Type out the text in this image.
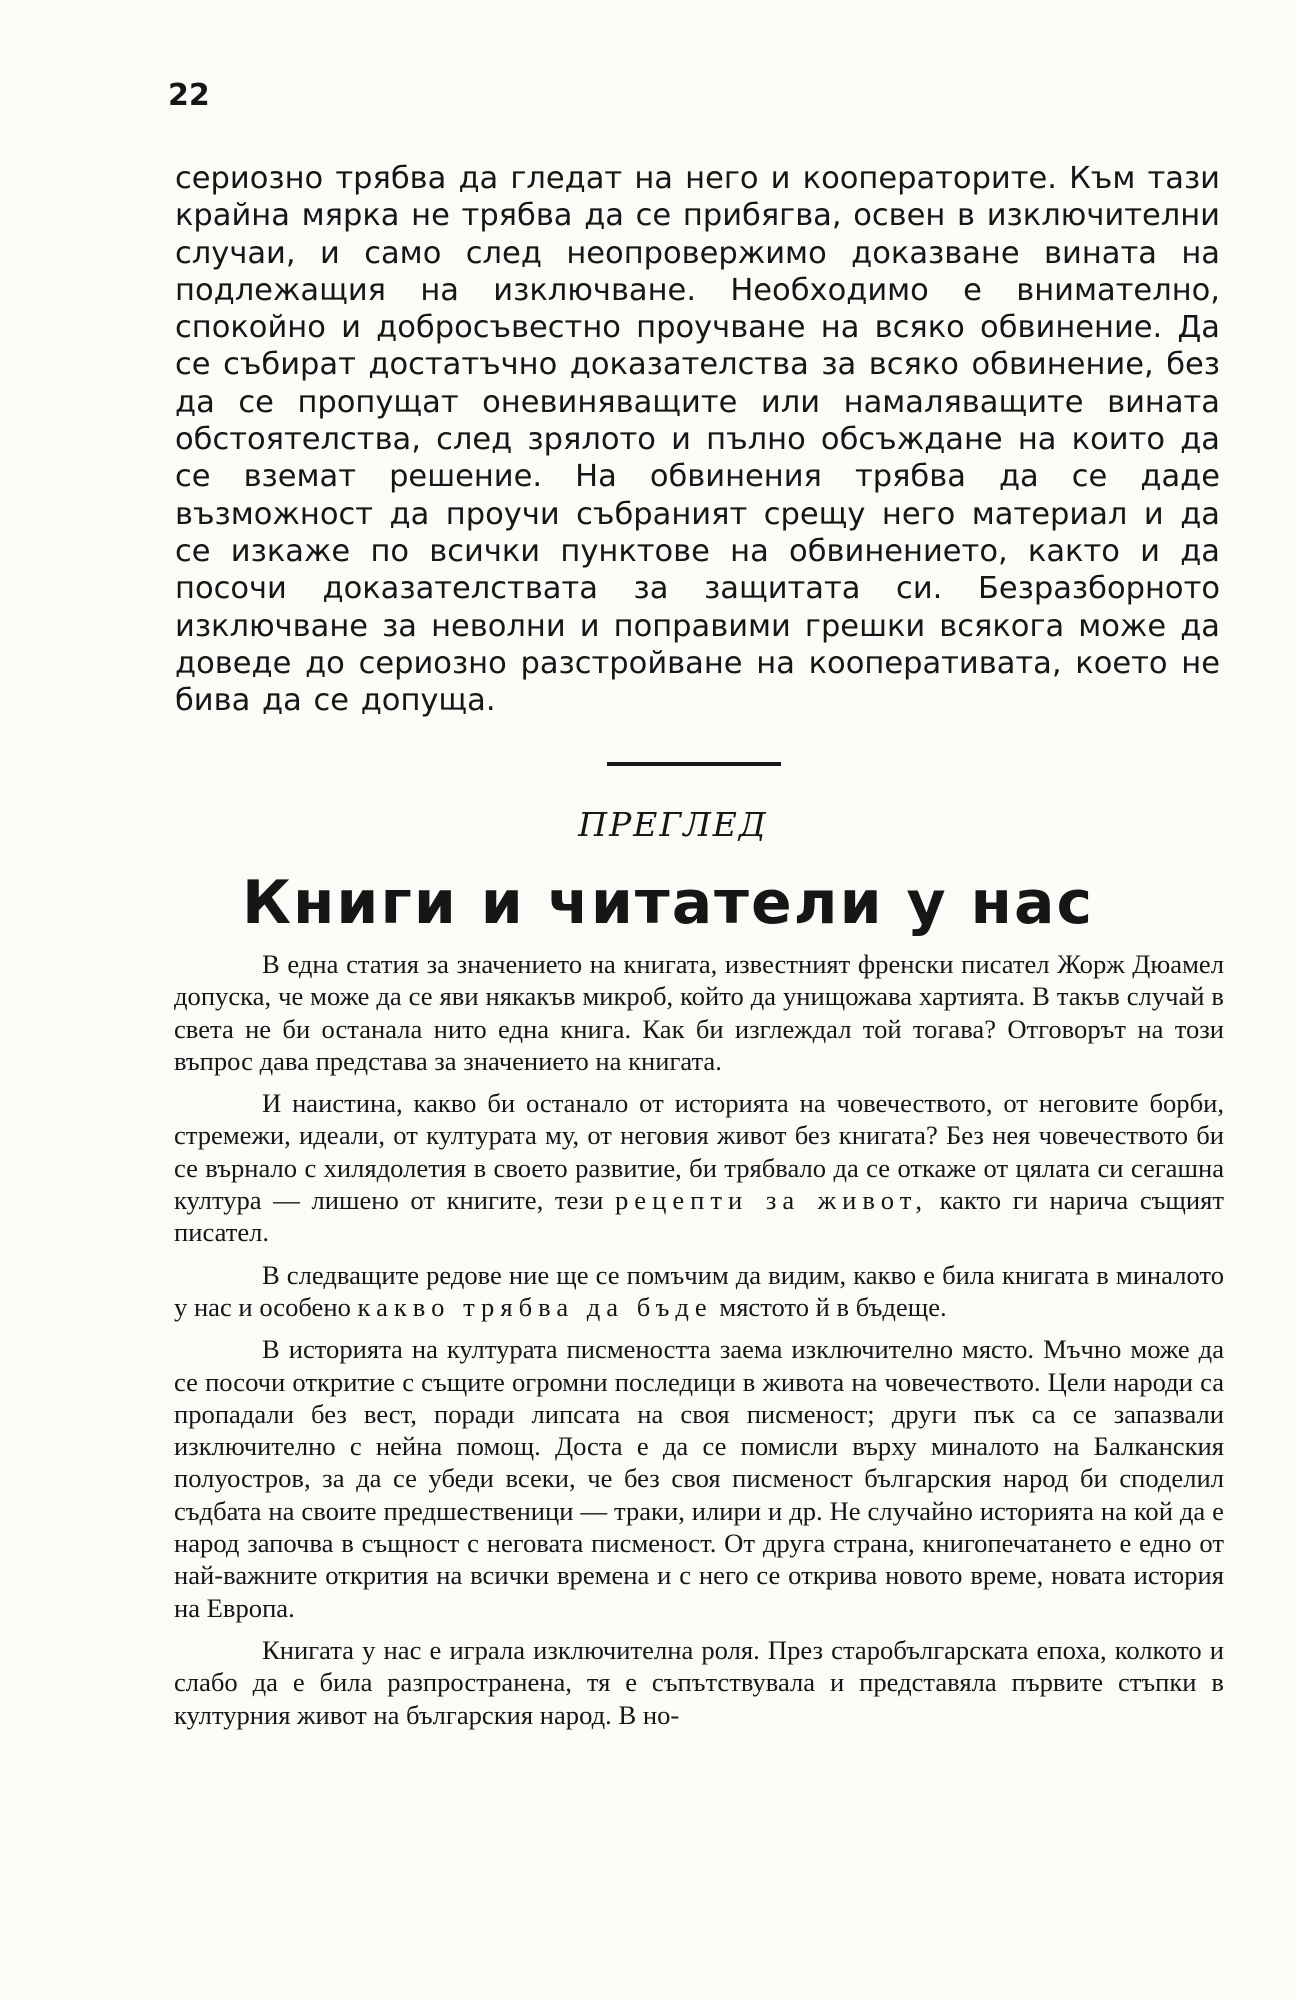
22

сериозно трябва да гледат на него и кооператорите. Към тази крайна мярка не трябва да се прибягва, освен в изключителни случаи, и само след неопровержимо доказване вината на подлежащия на изключване. Необходимо е внимателно, спокойно и добросъвестно проучване на всяко обвинение. Да се събират достатъчно доказателства за всяко обвинение, без да се пропущат оневиняващите или намаляващите вината обстоятелства, след зрялото и пълно обсъждане на които да се вземат решение. На обвинения трябва да се даде възможност да проучи събраният срещу него материал и да се изкаже по всички пунктове на обвинението, както и да посочи доказателствата за защитата си. Безразборното изключване за неволни и поправими грешки всякога може да доведе до сериозно разстройване на кооперативата, което не бива да се допуща.

ПРЕГЛЕД
Книги и читатели у нас

В една статия за значението на книгата, известният френски писател Жорж Дюамел допуска, че може да се яви някакъв микроб, който да унищожава хартията. В такъв случай в света не би останала нито една книга. Как би изглеждал той тогава? Отговорът на този въпрос дава представа за значението на книгата.

И наистина, какво би останало от историята на човечеството, от неговите борби, стремежи, идеали, от културата му, от неговия живот без книгата? Без нея човечеството би се върнало с хилядолетия в своето развитие, би трябвало да се откаже от цялата си сегашна култура — лишено от книгите, тези рецепти за живот, както ги нарича същият писател.

В следващите редове ние ще се помъчим да видим, какво е била книгата в миналото у нас и особено какво трябва да бъде мястото й в бъдеще.

В историята на културата писмеността заема изключително място. Мъчно може да се посочи откритие с същите огромни последици в живота на човечеството. Цели народи са пропадали без вест, поради липсата на своя писменост; други пък са се запазвали изключително с нейна помощ. Доста е да се помисли върху миналото на Балканския полуостров, за да се убеди всеки, че без своя писменост българския народ би споделил съдбата на своите предшественици — траки, илири и др. Не случайно историята на кой да е народ започва в същност с неговата писменост. От друга страна, книгопечатането е едно от най-важните открития на всички времена и с него се открива новото време, новата история на Европа.

Книгата у нас е играла изключителна роля. През старобългарската епоха, колкото и слабо да е била разпространена, тя е съпътствувала и представяла първите стъпки в културния живот на българския народ. В но-
